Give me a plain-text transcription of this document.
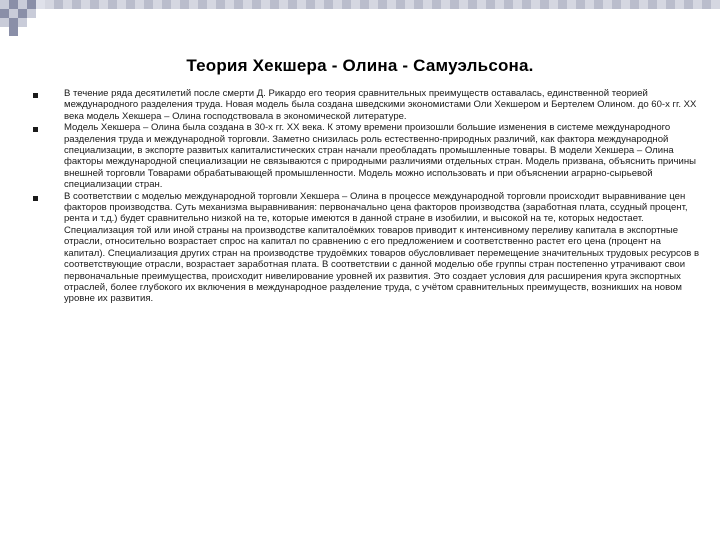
Теория Хекшера - Олина - Самуэльсона.
В течение ряда десятилетий после смерти Д. Рикардо его теория сравнительных преимуществ оставалась, единственной теорией международного разделения труда. Новая модель была создана шведскими экономистами Оли Хекшером и Бертелем Олином. до 60-х гг. XX века модель Хекшера – Олина господствовала в экономической литературе.
Модель Хекшера – Олина была создана в 30-х гг. XX века. К этому времени произошли большие изменения в системе международного разделения труда и международной торговли. Заметно снизилась роль естественно-природных различий, как фактора международной специализации, в экспорте развитых капиталистических стран начали преобладать промышленные товары. В модели Хекшера – Олина факторы международной специализации не связываются с природными различиями отдельных стран. Модель призвана, объяснить причины внешней торговли Товарами обрабатывающей промышленности. Модель можно использовать и при объяснении аграрно-сырьевой специализации стран.
В соответствии с моделью международной торговли Хекшера – Олина в процессе международной торговли происходит выравнивание цен факторов производства. Суть механизма выравнивания: первоначально цена факторов производства (заработная плата, ссудный процент, рента и т.д.) будет сравнительно низкой на те, которые имеются в данной стране в изобилии, и высокой на те, которых недостает. Специализация той или иной страны на производстве капиталоёмких товаров приводит к интенсивному переливу капитала в экспортные отрасли, относительно возрастает спрос на капитал по сравнению с его предложением и соответственно растет его цена (процент на капитал). Специализация других стран на производстве трудоёмких товаров обусловливает перемещение значительных трудовых ресурсов в соответствующие отрасли, возрастает заработная плата. В соответствии с данной моделью обе группы стран постепенно утрачивают свои первоначальные преимущества, происходит нивелирование уровней их развития. Это создает условия для расширения круга экспортных отраслей, более глубокого их включения в международное разделение труда, с учётом сравнительных преимуществ, возникших на новом уровне их развития.
